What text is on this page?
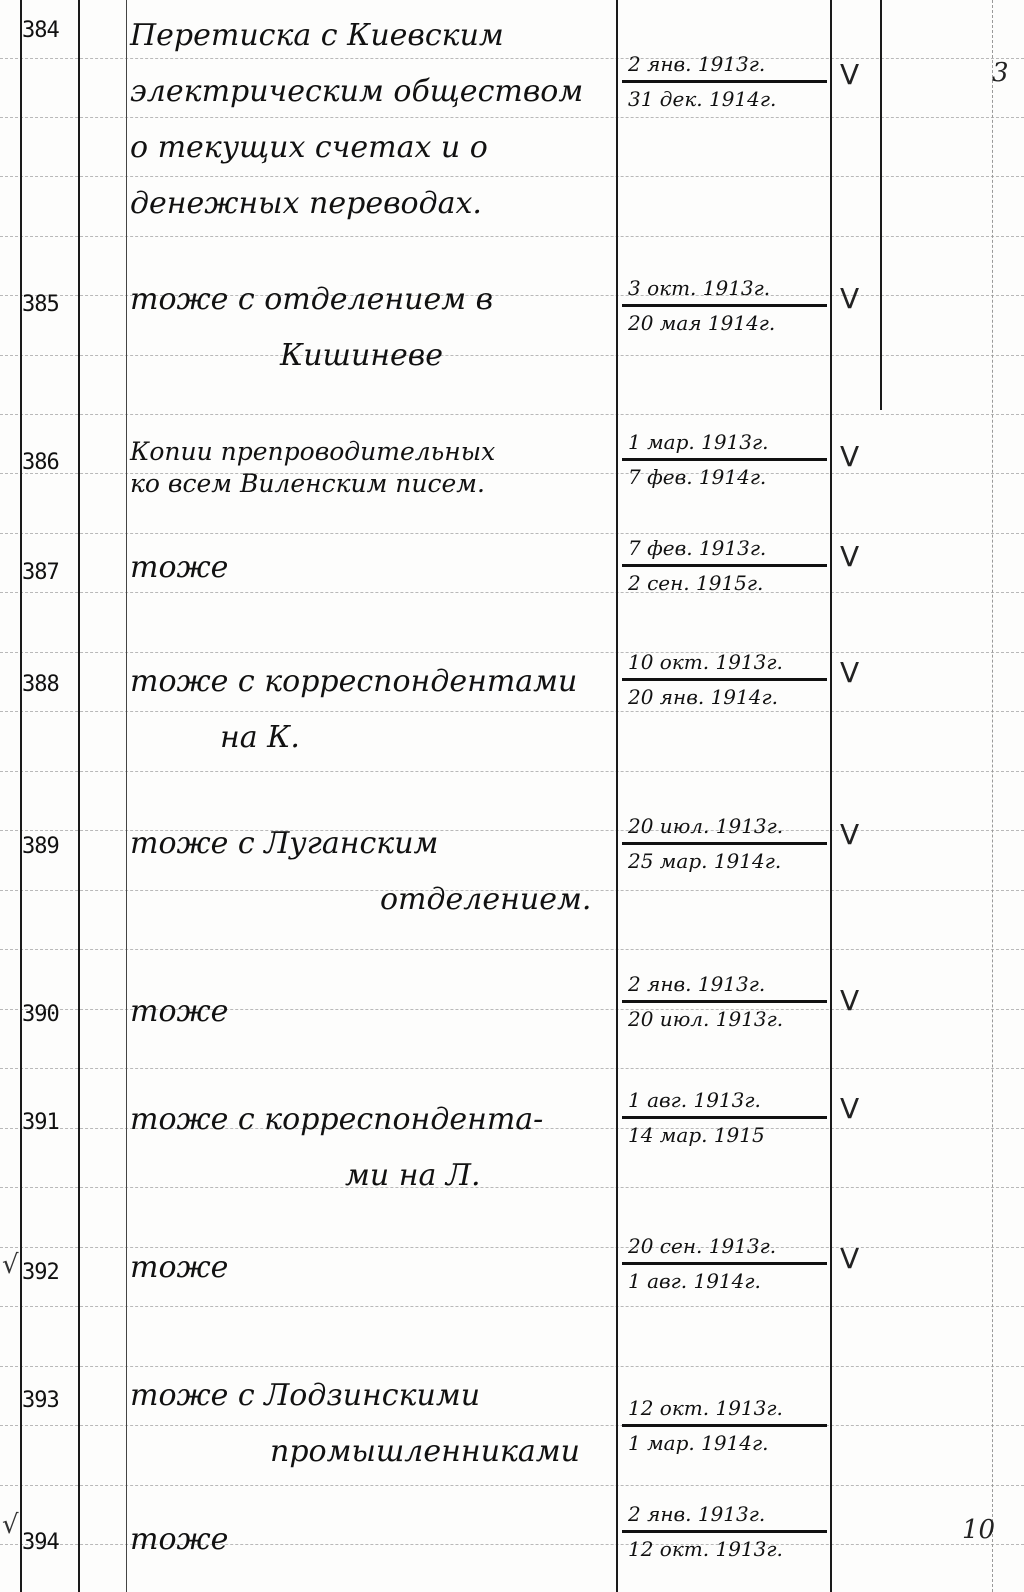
3
10
√
√
384	Перетиска с Киевским
электрическим обществом
о текущих счетах и о
денежных переводах.
2 янв. 1913г.
31 дек. 1914г.
V
385	тоже с отделением в
Кишиневе
3 окт. 1913г.
20 мая 1914г.
V
386	Копии препроводительных
ко всем Виленским писем.
1 мар. 1913г.
7 фев. 1914г.
V
387	тоже
7 фев. 1913г.
2 сен. 1915г.
V
388	тоже с корреспондентами
на К.
10 окт. 1913г.
20 янв. 1914г.
V
389	тоже с Луганским
отделением.
20 июл. 1913г.
25 мар. 1914г.
V
390	тоже
2 янв. 1913г.
20 июл. 1913г.
V
391	тоже с корреспондента-
ми на Л.
1 авг. 1913г.
14 мар. 1915
V
392	тоже
20 сен. 1913г.
1 авг. 1914г.
V
393	тоже с Лодзинскими
промышленниками
12 окт. 1913г.
1 мар. 1914г.
394	тоже
2 янв. 1913г.
12 окт. 1913г.
